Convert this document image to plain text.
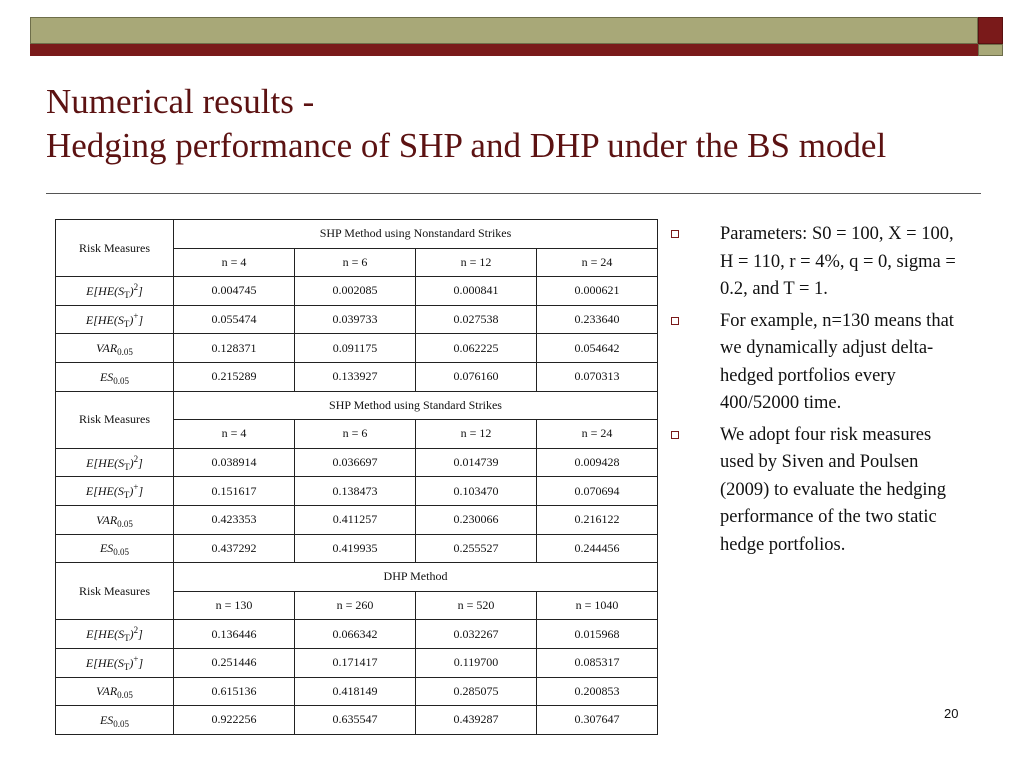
Numerical results -
Hedging performance of SHP and DHP under the BS model
Risk Measures	SHP Method using Nonstandard Strikes			
	n = 4	n = 6	n = 12	n = 24
$E[HE(S_T)^2]$	0.004745	0.002085	0.000841	0.000621
$E[HE(S_T)^+]$	0.055474	0.039733	0.027538	0.233640
$VAR_{0.05}$	0.128371	0.091175	0.062225	0.054642
$ES_{0.05}$	0.215289	0.133927	0.076160	0.070313
Risk Measures	SHP Method using Standard Strikes			
	n = 4	n = 6	n = 12	n = 24
$E[HE(S_T)^2]$	0.038914	0.036697	0.014739	0.009428
$E[HE(S_T)^+]$	0.151617	0.138473	0.103470	0.070694
$VAR_{0.05}$	0.423353	0.411257	0.230066	0.216122
$ES_{0.05}$	0.437292	0.419935	0.255527	0.244456
Risk Measures	DHP Method			
	n = 130	n = 260	n = 520	n = 1040
$E[HE(S_T)^2]$	0.136446	0.066342	0.032267	0.015968
$E[HE(S_T)^+]$	0.251446	0.171417	0.119700	0.085317
$VAR_{0.05}$	0.615136	0.418149	0.285075	0.200853
$ES_{0.05}$	0.922256	0.635547	0.439287	0.307647
Parameters: S0 = 100, X = 100, H = 110, r = 4%, q = 0, sigma = 0.2, and T = 1.
For example, n=130 means that we dynamically adjust delta-hedged portfolios every 400/52000 time.
We adopt four risk measures used by Siven and Poulsen (2009) to evaluate the hedging performance of the two static hedge portfolios.
20
